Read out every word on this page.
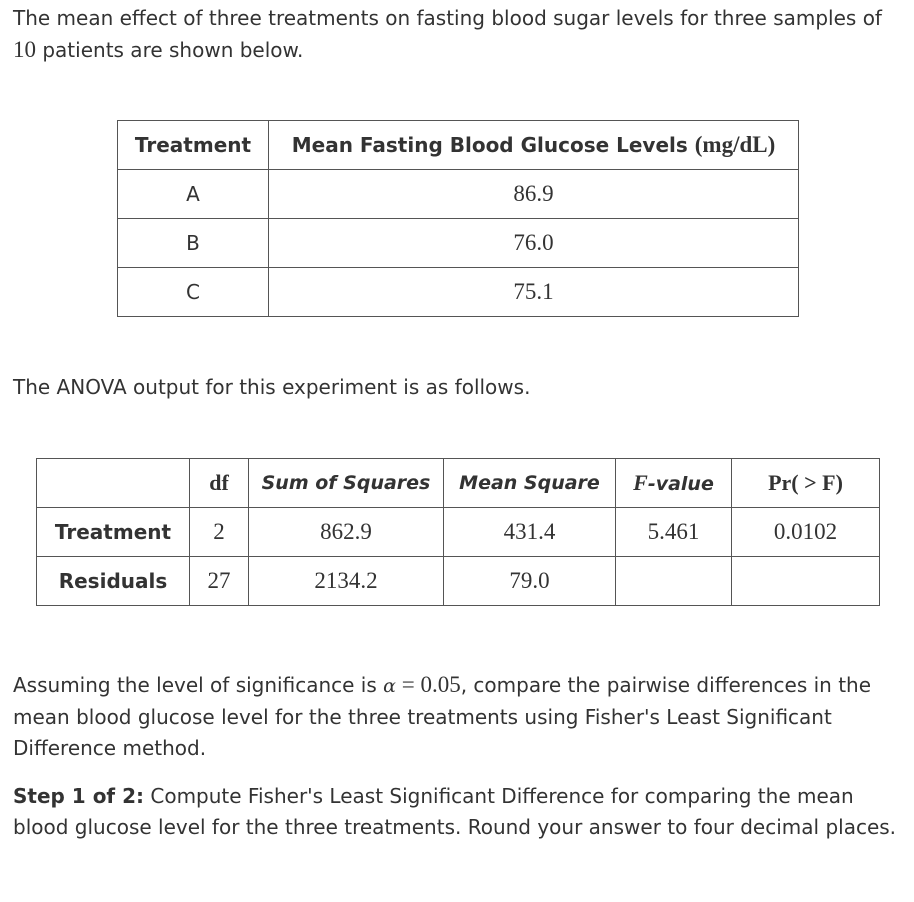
The mean effect of three treatments on fasting blood sugar levels for three samples of 10 patients are shown below.

Treatment	Mean Fasting Blood Glucose Levels (mg/dL)
A	86.9
B	76.0
C	75.1

The ANOVA output for this experiment is as follows.

	df	Sum of Squares	Mean Square	F-value	Pr( > F)
Treatment	2	862.9	431.4	5.461	0.0102
Residuals	27	2134.2	79.0		

Assuming the level of significance is α = 0.05, compare the pairwise differences in the mean blood glucose level for the three treatments using Fisher's Least Significant Difference method.

Step 1 of 2: Compute Fisher's Least Significant Difference for comparing the mean blood glucose level for the three treatments. Round your answer to four decimal places.
